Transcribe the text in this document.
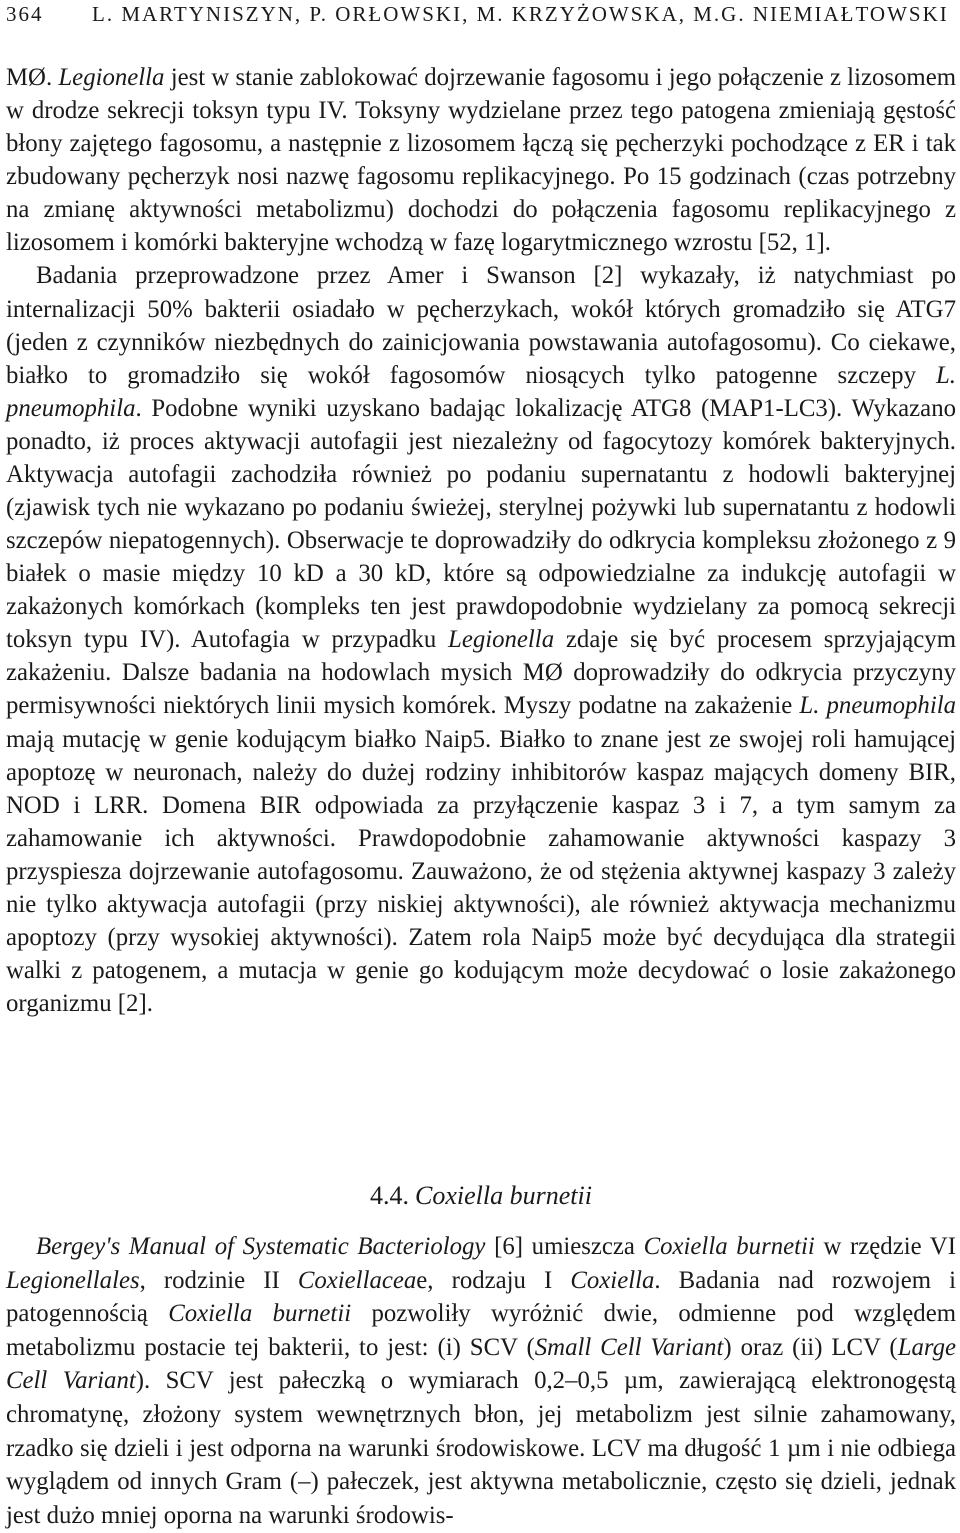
364 L. MARTYNISZYN, P. ORŁOWSKI, M. KRZYŻOWSKA, M.G. NIEMIAŁTOWSKI

MØ. Legionella jest w stanie zablokować dojrzewanie fagosomu i jego połączenie z lizosomem w drodze sekrecji toksyn typu IV. Toksyny wydzielane przez tego patogena zmieniają gęstość błony zajętego fagosomu, a następnie z lizosomem łączą się pęcherzyki pochodzące z ER i tak zbudowany pęcherzyk nosi nazwę fagosomu replikacyjnego. Po 15 godzinach (czas potrzebny na zmianę aktywności metabolizmu) dochodzi do połączenia fagosomu replikacyjnego z lizosomem i komórki bakteryjne wchodzą w fazę logarytmicznego wzrostu [52, 1].

Badania przeprowadzone przez Amer i Swanson [2] wykazały, iż natychmiast po internalizacji 50% bakterii osiadało w pęcherzykach, wokół których gromadziło się ATG7 (jeden z czynników niezbędnych do zainicjowania powstawania autofagosomu). Co ciekawe, białko to gromadziło się wokół fagosomów niosących tylko patogenne szczepy L. pneumophila. Podobne wyniki uzyskano badając lokalizację ATG8 (MAP1-LC3). Wykazano ponadto, iż proces aktywacji autofagii jest niezależny od fagocytozy komórek bakteryjnych. Aktywacja autofagii zachodziła również po podaniu supernatantu z hodowli bakteryjnej (zjawisk tych nie wykazano po podaniu świeżej, sterylnej pożywki lub supernatantu z hodowli szczepów niepatogennych). Obserwacje te doprowadziły do odkrycia kompleksu złożonego z 9 białek o masie między 10 kD a 30 kD, które są odpowiedzialne za indukcję autofagii w zakażonych komórkach (kompleks ten jest prawdopodobnie wydzielany za pomocą sekrecji toksyn typu IV). Autofagia w przypadku Legionella zdaje się być procesem sprzyjającym zakażeniu. Dalsze badania na hodowlach mysich MØ doprowadziły do odkrycia przyczyny permisywności niektórych linii mysich komórek. Myszy podatne na zakażenie L. pneumophila mają mutację w genie kodującym białko Naip5. Białko to znane jest ze swojej roli hamującej apoptozę w neuronach, należy do dużej rodziny inhibitorów kaspaz mających domeny BIR, NOD i LRR. Domena BIR odpowiada za przyłączenie kaspaz 3 i 7, a tym samym za zahamowanie ich aktywności. Prawdopodobnie zahamowanie aktywności kaspazy 3 przyspiesza dojrzewanie autofagosomu. Zauważono, że od stężenia aktywnej kaspazy 3 zależy nie tylko aktywacja autofagii (przy niskiej aktywności), ale również aktywacja mechanizmu apoptozy (przy wysokiej aktywności). Zatem rola Naip5 może być decydująca dla strategii walki z patogenem, a mutacja w genie go kodującym może decydować o losie zakażonego organizmu [2].

4.4. Coxiella burnetii

Bergey's Manual of Systematic Bacteriology [6] umieszcza Coxiella burnetii w rzędzie VI Legionellales, rodzinie II Coxiellaceae, rodzaju I Coxiella. Badania nad rozwojem i patogennością Coxiella burnetii pozwoliły wyróżnić dwie, odmienne pod względem metabolizmu postacie tej bakterii, to jest: (i) SCV (Small Cell Variant) oraz (ii) LCV (Large Cell Variant). SCV jest pałeczką o wymiarach 0,2–0,5 µm, zawierającą elektronogęstą chromatynę, złożony system wewnętrznych błon, jej metabolizm jest silnie zahamowany, rzadko się dzieli i jest odporna na warunki środowiskowe. LCV ma długość 1 µm i nie odbiega wyglądem od innych Gram (–) pałeczek, jest aktywna metabolicznie, często się dzieli, jednak jest dużo mniej oporna na warunki środowis-
